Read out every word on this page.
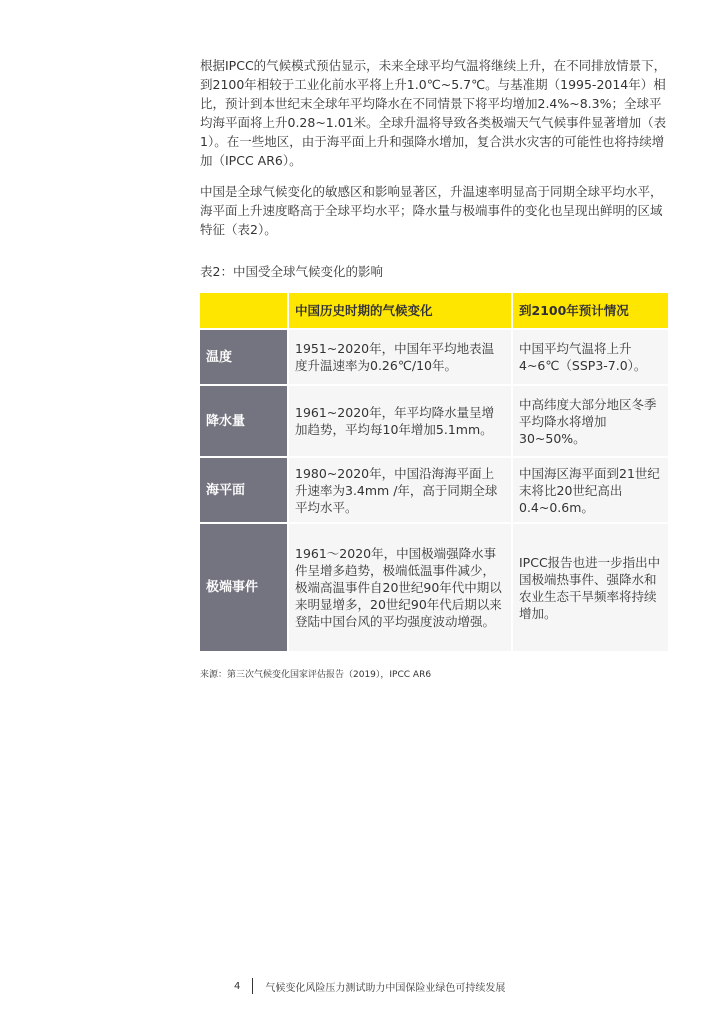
根据IPCC的气候模式预估显示，未来全球平均气温将继续上升，在不同排放情景下，到2100年相较于工业化前水平将上升1.0℃~5.7℃。与基准期（1995-2014年）相比，预计到本世纪末全球年平均降水在不同情景下将平均增加2.4%~8.3%；全球平均海平面将上升0.28~1.01米。全球升温将导致各类极端天气气候事件显著增加（表1）。在一些地区，由于海平面上升和强降水增加，复合洪水灾害的可能性也将持续增加（IPCC AR6）。

中国是全球气候变化的敏感区和影响显著区，升温速率明显高于同期全球平均水平，海平面上升速度略高于全球平均水平；降水量与极端事件的变化也呈现出鲜明的区域特征（表2）。

表2：中国受全球气候变化的影响
	中国历史时期的气候变化	到2100年预计情况
温度	1951~2020年，中国年平均地表温度升温速率为0.26℃/10年。	中国平均气温将上升4~6℃（SSP3-7.0）。
降水量	1961~2020年，年平均降水量呈增加趋势，平均每10年增加5.1mm。	中高纬度大部分地区冬季平均降水将增加30~50%。
海平面	1980~2020年，中国沿海海平面上升速率为3.4mm /年，高于同期全球平均水平。	中国海区海平面到21世纪末将比20世纪高出0.4~0.6m。
极端事件	1961～2020年，中国极端强降水事件呈增多趋势，极端低温事件减少，极端高温事件自20世纪90年代中期以来明显增多，20世纪90年代后期以来登陆中国台风的平均强度波动增强。	IPCC报告也进一步指出中国极端热事件、强降水和农业生态干旱频率将持续增加。
来源：第三次气候变化国家评估报告（2019），IPCC AR6
4	气候变化风险压力测试助力中国保险业绿色可持续发展
